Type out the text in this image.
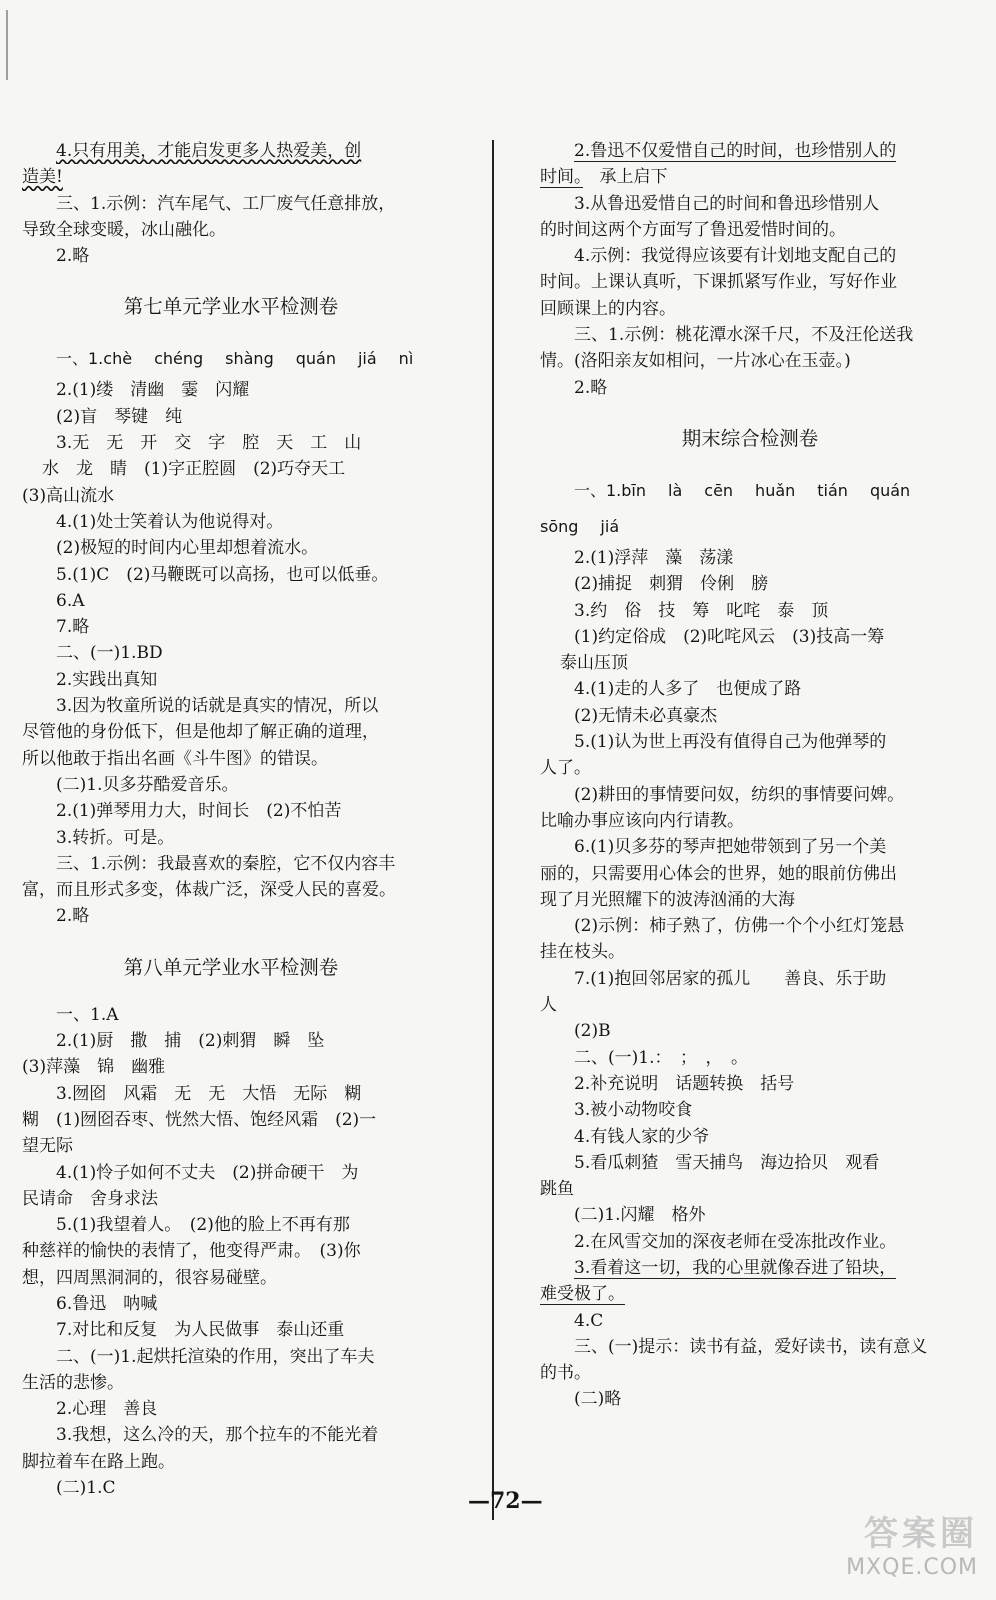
4.只有用美，才能启发更多人热爱美，创
造美!
三、1.示例：汽车尾气、工厂废气任意排放，
导致全球变暖，冰山融化。
2.略
第七单元学业水平检测卷
一、1.chè chéng shàng quán jiá nì
2.(1)缕　清幽　霎　闪耀
(2)盲　琴键　纯
3.无　无　开　交　字　腔　天　工　山
水　龙　睛　(1)字正腔圆　(2)巧夺天工
(3)高山流水
4.(1)处士笑着认为他说得对。
(2)极短的时间内心里却想着流水。
5.(1)C　(2)马鞭既可以高扬，也可以低垂。
6.A
7.略
二、(一)1.BD
2.实践出真知
3.因为牧童所说的话就是真实的情况，所以
尽管他的身份低下，但是他却了解正确的道理，
所以他敢于指出名画《斗牛图》的错误。
(二)1.贝多芬酷爱音乐。
2.(1)弹琴用力大，时间长　(2)不怕苦
3.转折。可是。
三、1.示例：我最喜欢的秦腔，它不仅内容丰
富，而且形式多变，体裁广泛，深受人民的喜爱。
2.略
第八单元学业水平检测卷
一、1.A
2.(1)厨　撒　捕　(2)刺猬　瞬　坠
(3)萍藻　锦　幽雅
3.囫囵　风霜　无　无　大悟　无际　糊
糊　(1)囫囵吞枣、恍然大悟、饱经风霜　(2)一
望无际
4.(1)怜子如何不丈夫　(2)拼命硬干　为
民请命　舍身求法
5.(1)我望着人。　(2)他的脸上不再有那
种慈祥的愉快的表情了，他变得严肃。　(3)你
想，四周黑洞洞的，很容易碰壁。
6.鲁迅　呐喊
7.对比和反复　为人民做事　泰山还重
二、(一)1.起烘托渲染的作用，突出了车夫
生活的悲惨。
2.心理　善良
3.我想，这么冷的天，那个拉车的不能光着
脚拉着车在路上跑。
(二)1.C
2.鲁迅不仅爱惜自己的时间，也珍惜别人的
时间。　承上启下
3.从鲁迅爱惜自己的时间和鲁迅珍惜别人
的时间这两个方面写了鲁迅爱惜时间的。
4.示例：我觉得应该要有计划地支配自己的
时间。上课认真听，下课抓紧写作业，写好作业
回顾课上的内容。
三、1.示例：桃花潭水深千尺，不及汪伦送我
情。(洛阳亲友如相问，一片冰心在玉壶。)
2.略
期末综合检测卷
一、1.bīn là cēn huǎn tián quán
sōng jiá
2.(1)浮萍　藻　荡漾
(2)捕捉　刺猬　伶俐　膀
3.约　俗　技　筹　叱咤　泰　顶
(1)约定俗成　(2)叱咤风云　(3)技高一筹
泰山压顶
4.(1)走的人多了　也便成了路
(2)无情未必真豪杰
5.(1)认为世上再没有值得自己为他弹琴的
人了。
(2)耕田的事情要问奴，纺织的事情要问婢。
比喻办事应该向内行请教。
6.(1)贝多芬的琴声把她带领到了另一个美
丽的，只需要用心体会的世界，她的眼前仿佛出
现了月光照耀下的波涛汹涌的大海
(2)示例：柿子熟了，仿佛一个个小红灯笼悬
挂在枝头。
7.(1)抱回邻居家的孤儿　　善良、乐于助
人
(2)B
二、(一)1.：　；　，　。
2.补充说明　话题转换　括号
3.被小动物咬食
4.有钱人家的少爷
5.看瓜刺猹　雪天捕鸟　海边拾贝　观看
跳鱼
(二)1.闪耀　格外
2.在风雪交加的深夜老师在受冻批改作业。
3.看着这一切，我的心里就像吞进了铅块，
难受极了。
4.C
三、(一)提示：读书有益，爱好读书，读有意义
的书。
(二)略
—72—
答案圈
MXQE.COM
